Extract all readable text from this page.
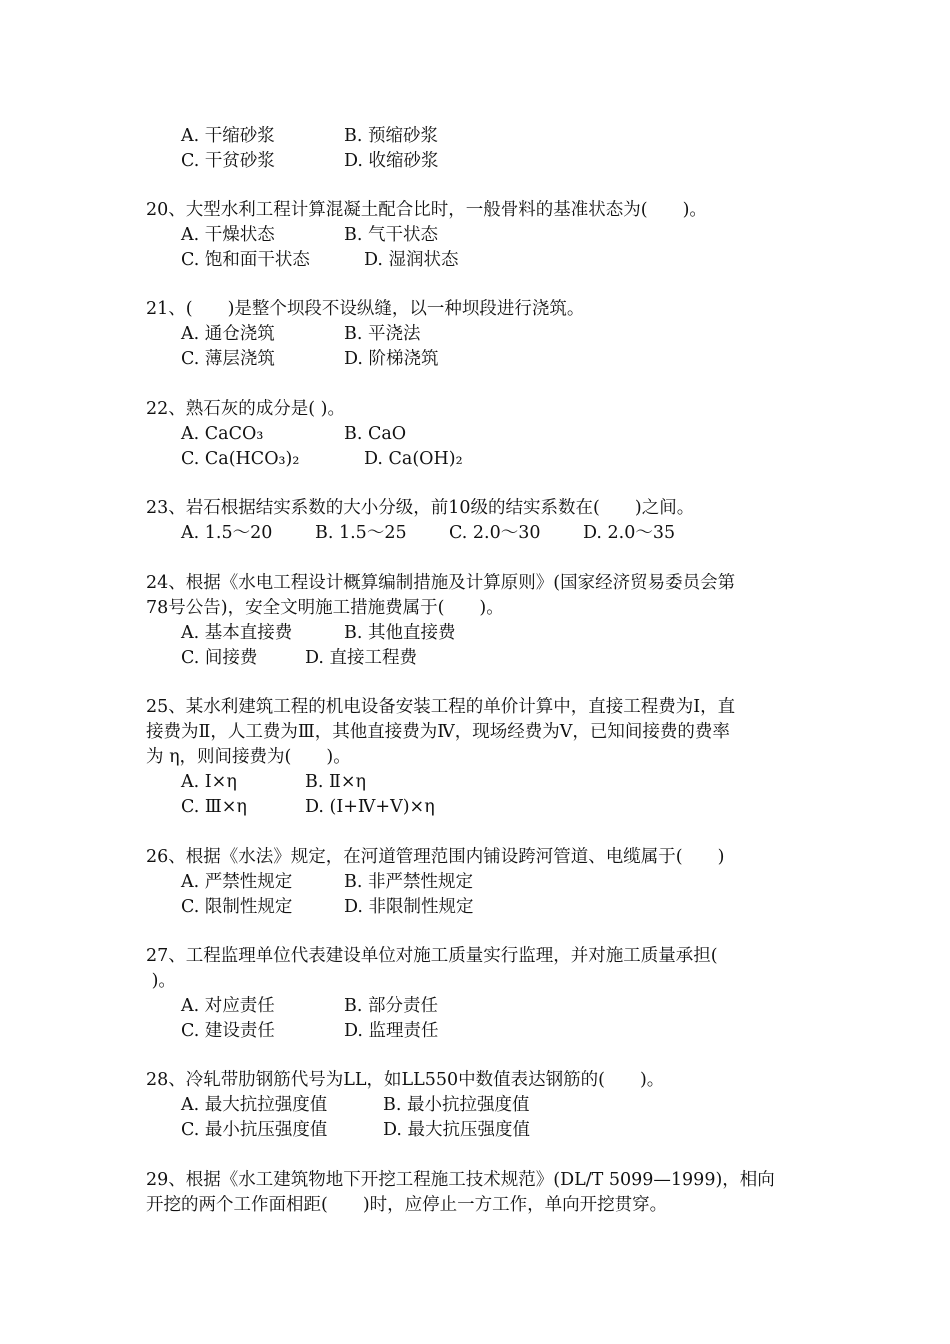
A. 干缩砂浆	B. 预缩砂浆
C. 干贫砂浆	D. 收缩砂浆
20、大型水利工程计算混凝土配合比时，一般骨料的基准状态为(　　)。
A. 干燥状态	B. 气干状态
C. 饱和面干状态	D. 湿润状态
21、(　　)是整个坝段不设纵缝，以一种坝段进行浇筑。
A. 通仓浇筑	B. 平浇法
C. 薄层浇筑	D. 阶梯浇筑
22、熟石灰的成分是( )。
A. CaCO₃	B. CaO
C. Ca(HCO₃)₂	D. Ca(OH)₂
23、岩石根据结实系数的大小分级，前10级的结实系数在(　　)之间。
A. 1.5～20 B. 1.5～25 C. 2.0～30 D. 2.0～35
24、根据《水电工程设计概算编制措施及计算原则》(国家经济贸易委员会第
78号公告)，安全文明施工措施费属于(　　)。
A. 基本直接费	B. 其他直接费
C. 间接费	D. 直接工程费
25、某水利建筑工程的机电设备安装工程的单价计算中，直接工程费为Ⅰ，直
接费为Ⅱ，人工费为Ⅲ，其他直接费为Ⅳ，现场经费为Ⅴ，已知间接费的费率
为 η，则间接费为(　　)。
A. Ⅰ×η	B. Ⅱ×η
C. Ⅲ×η	D. (Ⅰ+Ⅳ+Ⅴ)×η
26、根据《水法》规定，在河道管理范围内铺设跨河管道、电缆属于(　　)
A. 严禁性规定	B. 非严禁性规定
C. 限制性规定	D. 非限制性规定
27、工程监理单位代表建设单位对施工质量实行监理，并对施工质量承担(
)。
A. 对应责任	B. 部分责任
C. 建设责任	D. 监理责任
28、冷轧带肋钢筋代号为LL，如LL550中数值表达钢筋的(　　)。
A. 最大抗拉强度值	B. 最小抗拉强度值
C. 最小抗压强度值	D. 最大抗压强度值
29、根据《水工建筑物地下开挖工程施工技术规范》(DL/T 5099—1999)，相向
开挖的两个工作面相距(　　)时，应停止一方工作，单向开挖贯穿。
